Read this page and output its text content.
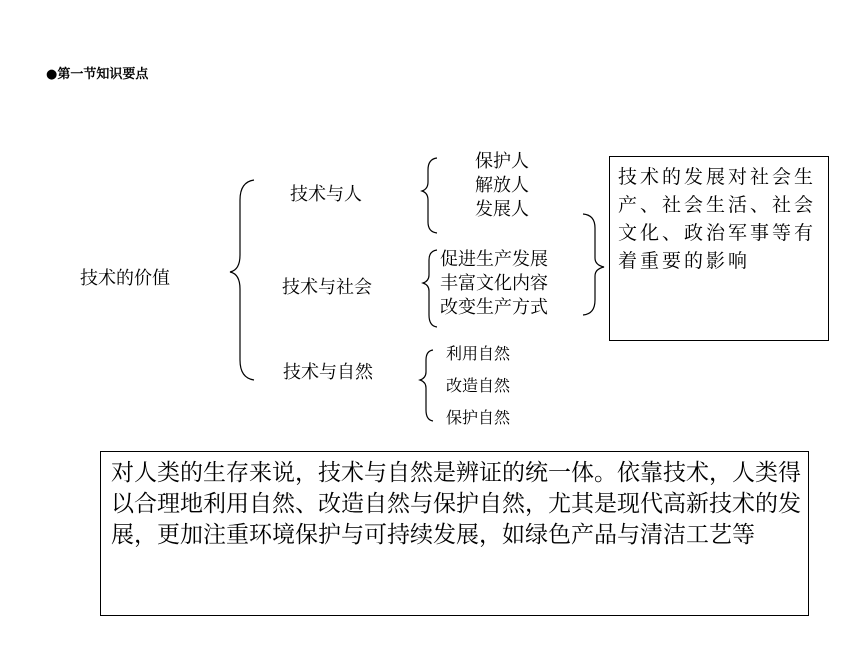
●第一节知识要点
技术的价值
技术与人
技术与社会
技术与自然
保护人
解放人
发展人
促进生产发展
丰富文化内容
改变生产方式
利用自然
改造自然
保护自然
技术的发展对社会生产、社会生活、社会文化、政治军事等有着重要的影响
对人类的生存来说，技术与自然是辨证的统一体。依靠技术，人类得以合理地利用自然、改造自然与保护自然，尤其是现代高新技术的发展，更加注重环境保护与可持续发展，如绿色产品与清洁工艺等
